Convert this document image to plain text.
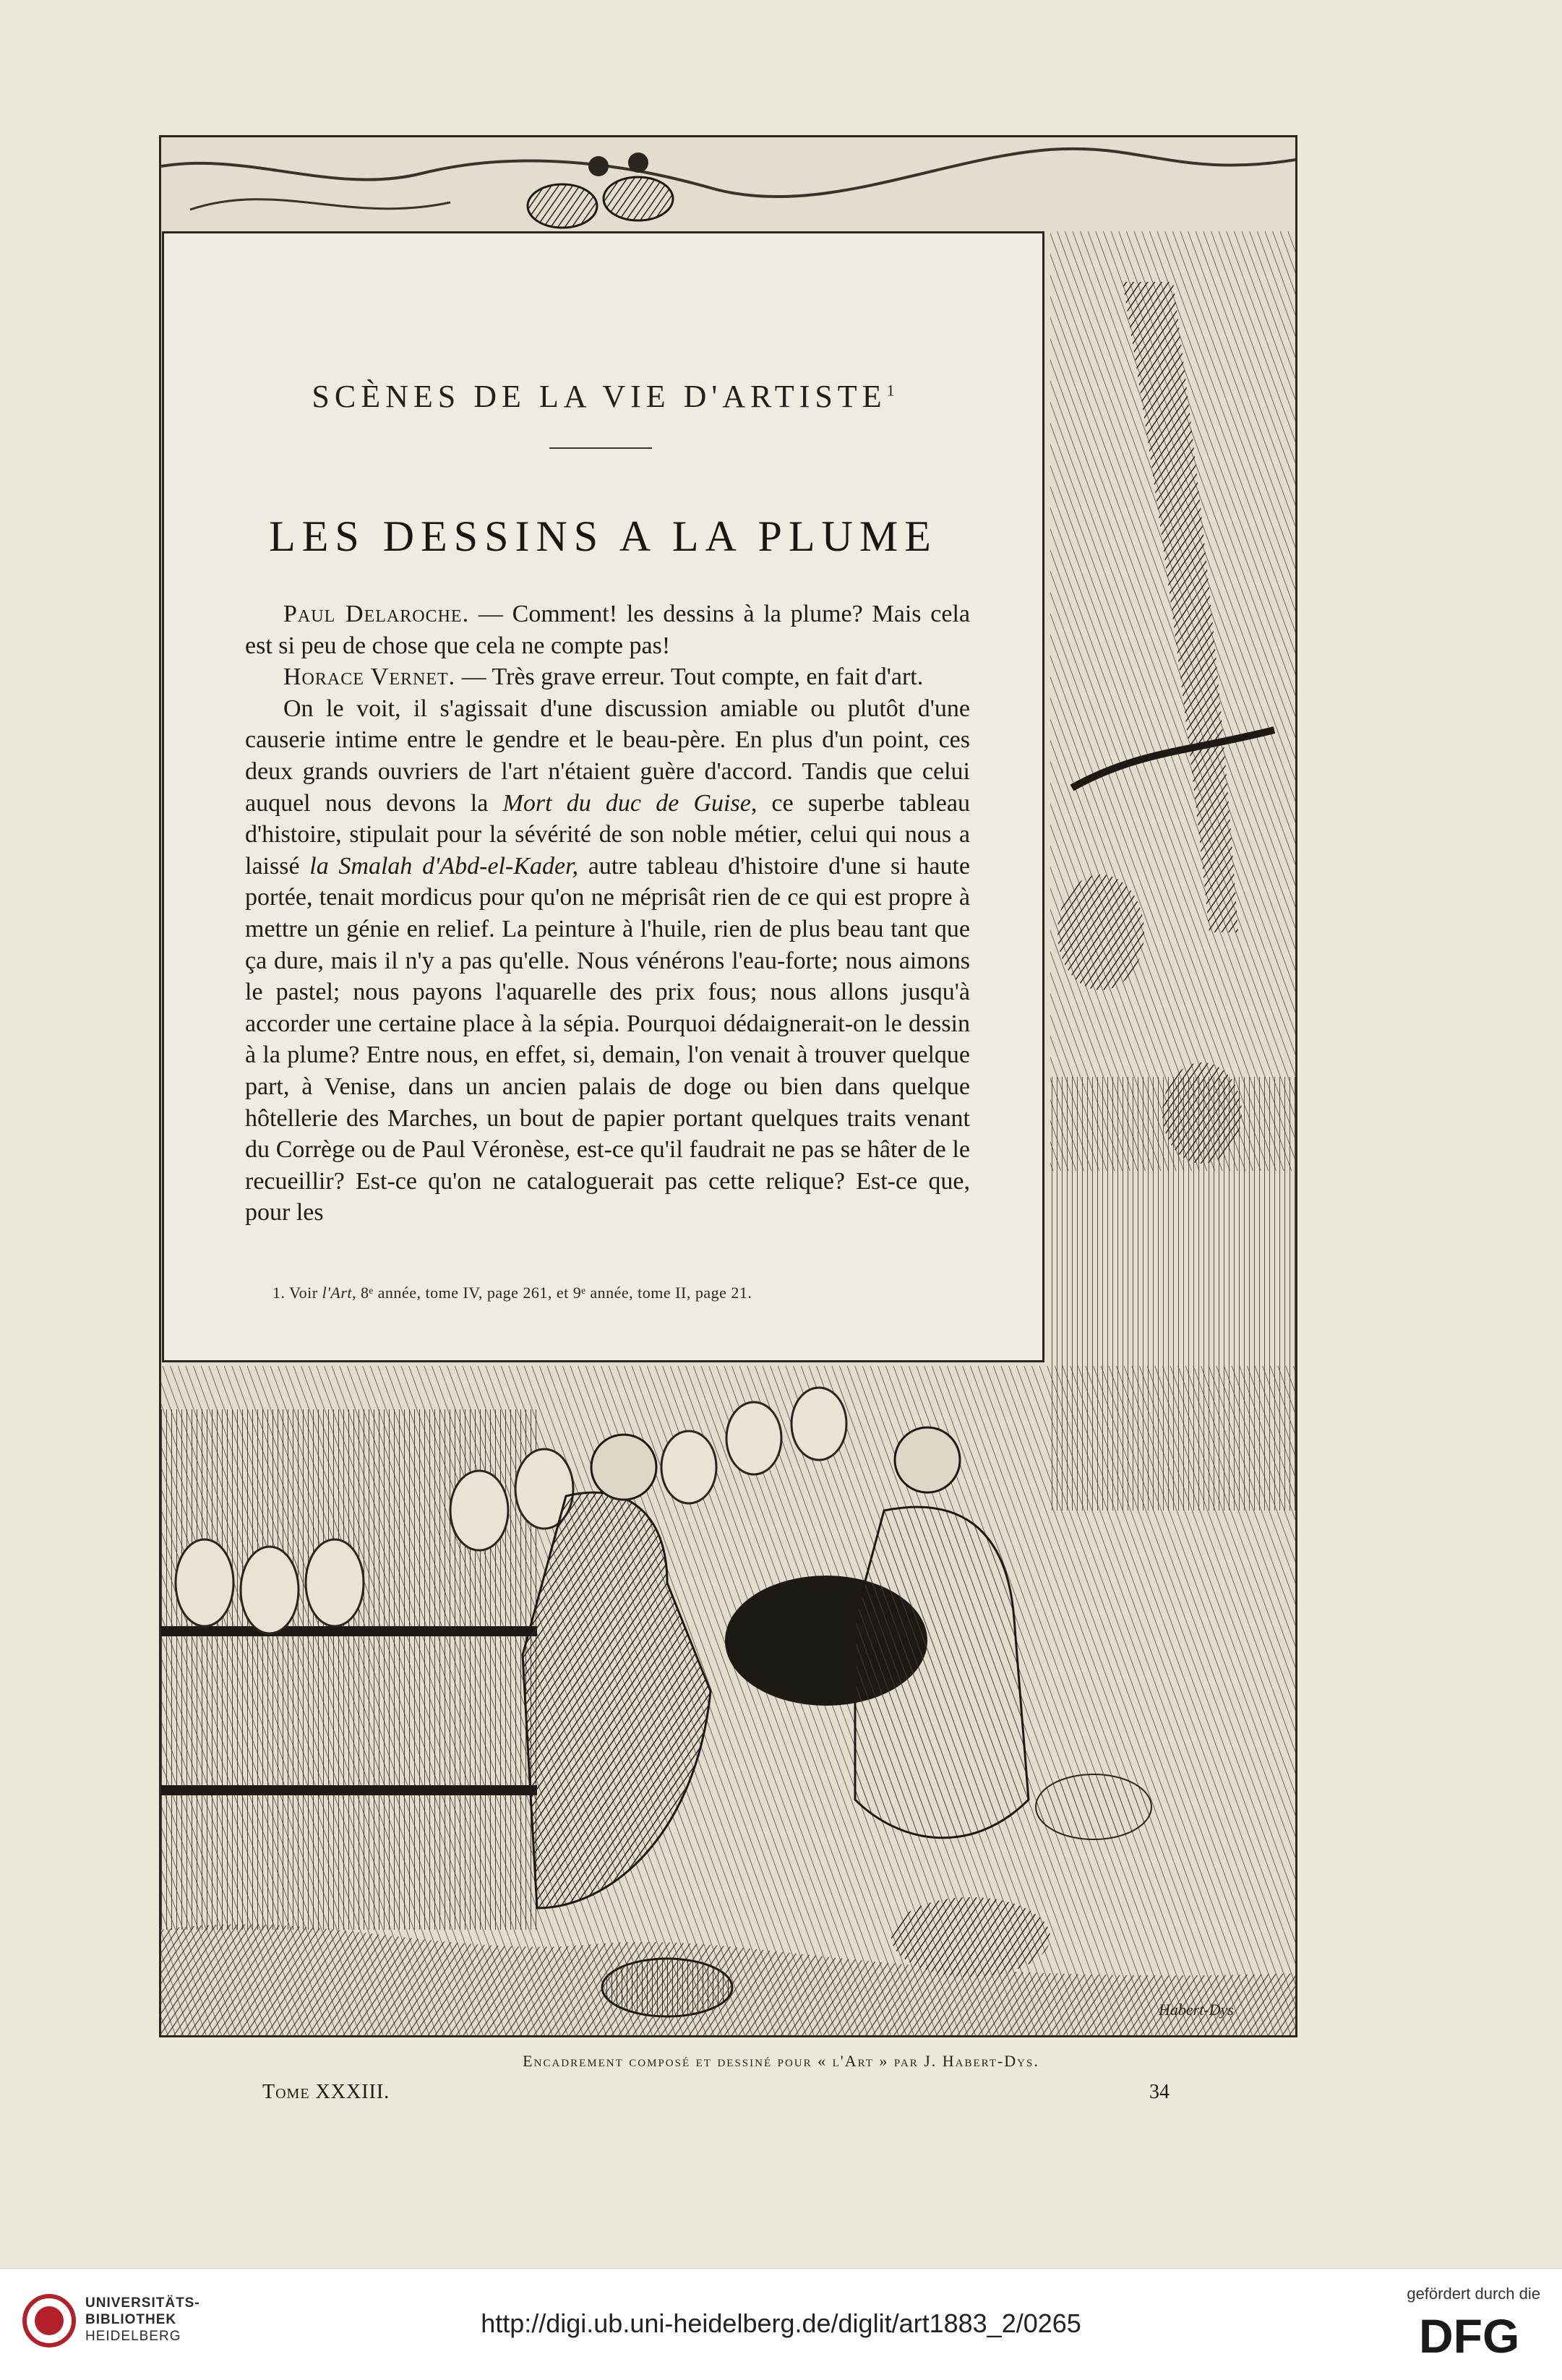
Habert-Dys
SCÈNES DE LA VIE D'ARTISTE$^1$
LES DESSINS A LA PLUME

Paul Delaroche. — Comment! les dessins à la plume? Mais cela est si peu de chose que cela ne compte pas!

Horace Vernet. — Très grave erreur. Tout compte, en fait d'art.

On le voit, il s'agissait d'une discussion amiable ou plutôt d'une causerie intime entre le gendre et le beau-père. En plus d'un point, ces deux grands ouvriers de l'art n'étaient guère d'accord. Tandis que celui auquel nous devons la Mort du duc de Guise, ce superbe tableau d'histoire, stipulait pour la sévérité de son noble métier, celui qui nous a laissé la Smalah d'Abd-el-Kader, autre tableau d'histoire d'une si haute portée, tenait mordicus pour qu'on ne méprisât rien de ce qui est propre à mettre un génie en relief. La peinture à l'huile, rien de plus beau tant que ça dure, mais il n'y a pas qu'elle. Nous vénérons l'eau-forte; nous aimons le pastel; nous payons l'aquarelle des prix fous; nous allons jusqu'à accorder une certaine place à la sépia. Pourquoi dédaignerait-on le dessin à la plume? Entre nous, en effet, si, demain, l'on venait à trouver quelque part, à Venise, dans un ancien palais de doge ou bien dans quelque hôtellerie des Marches, un bout de papier portant quelques traits venant du Corrège ou de Paul Véronèse, est-ce qu'il faudrait ne pas se hâter de le recueillir? Est-ce qu'on ne cataloguerait pas cette relique? Est-ce que, pour les

1. Voir l'Art, 8ᵉ année, tome IV, page 261, et 9ᵉ année, tome II, page 21.
Encadrement composé et dessiné pour « l'Art » par J. Habert-Dys.
Tome XXXIII.	34
UNIVERSITÄTS-
BIBLIOTHEK
HEIDELBERG	http://digi.ub.uni-heidelberg.de/diglit/art1883_2/0265
gefördert durch die
DFG
